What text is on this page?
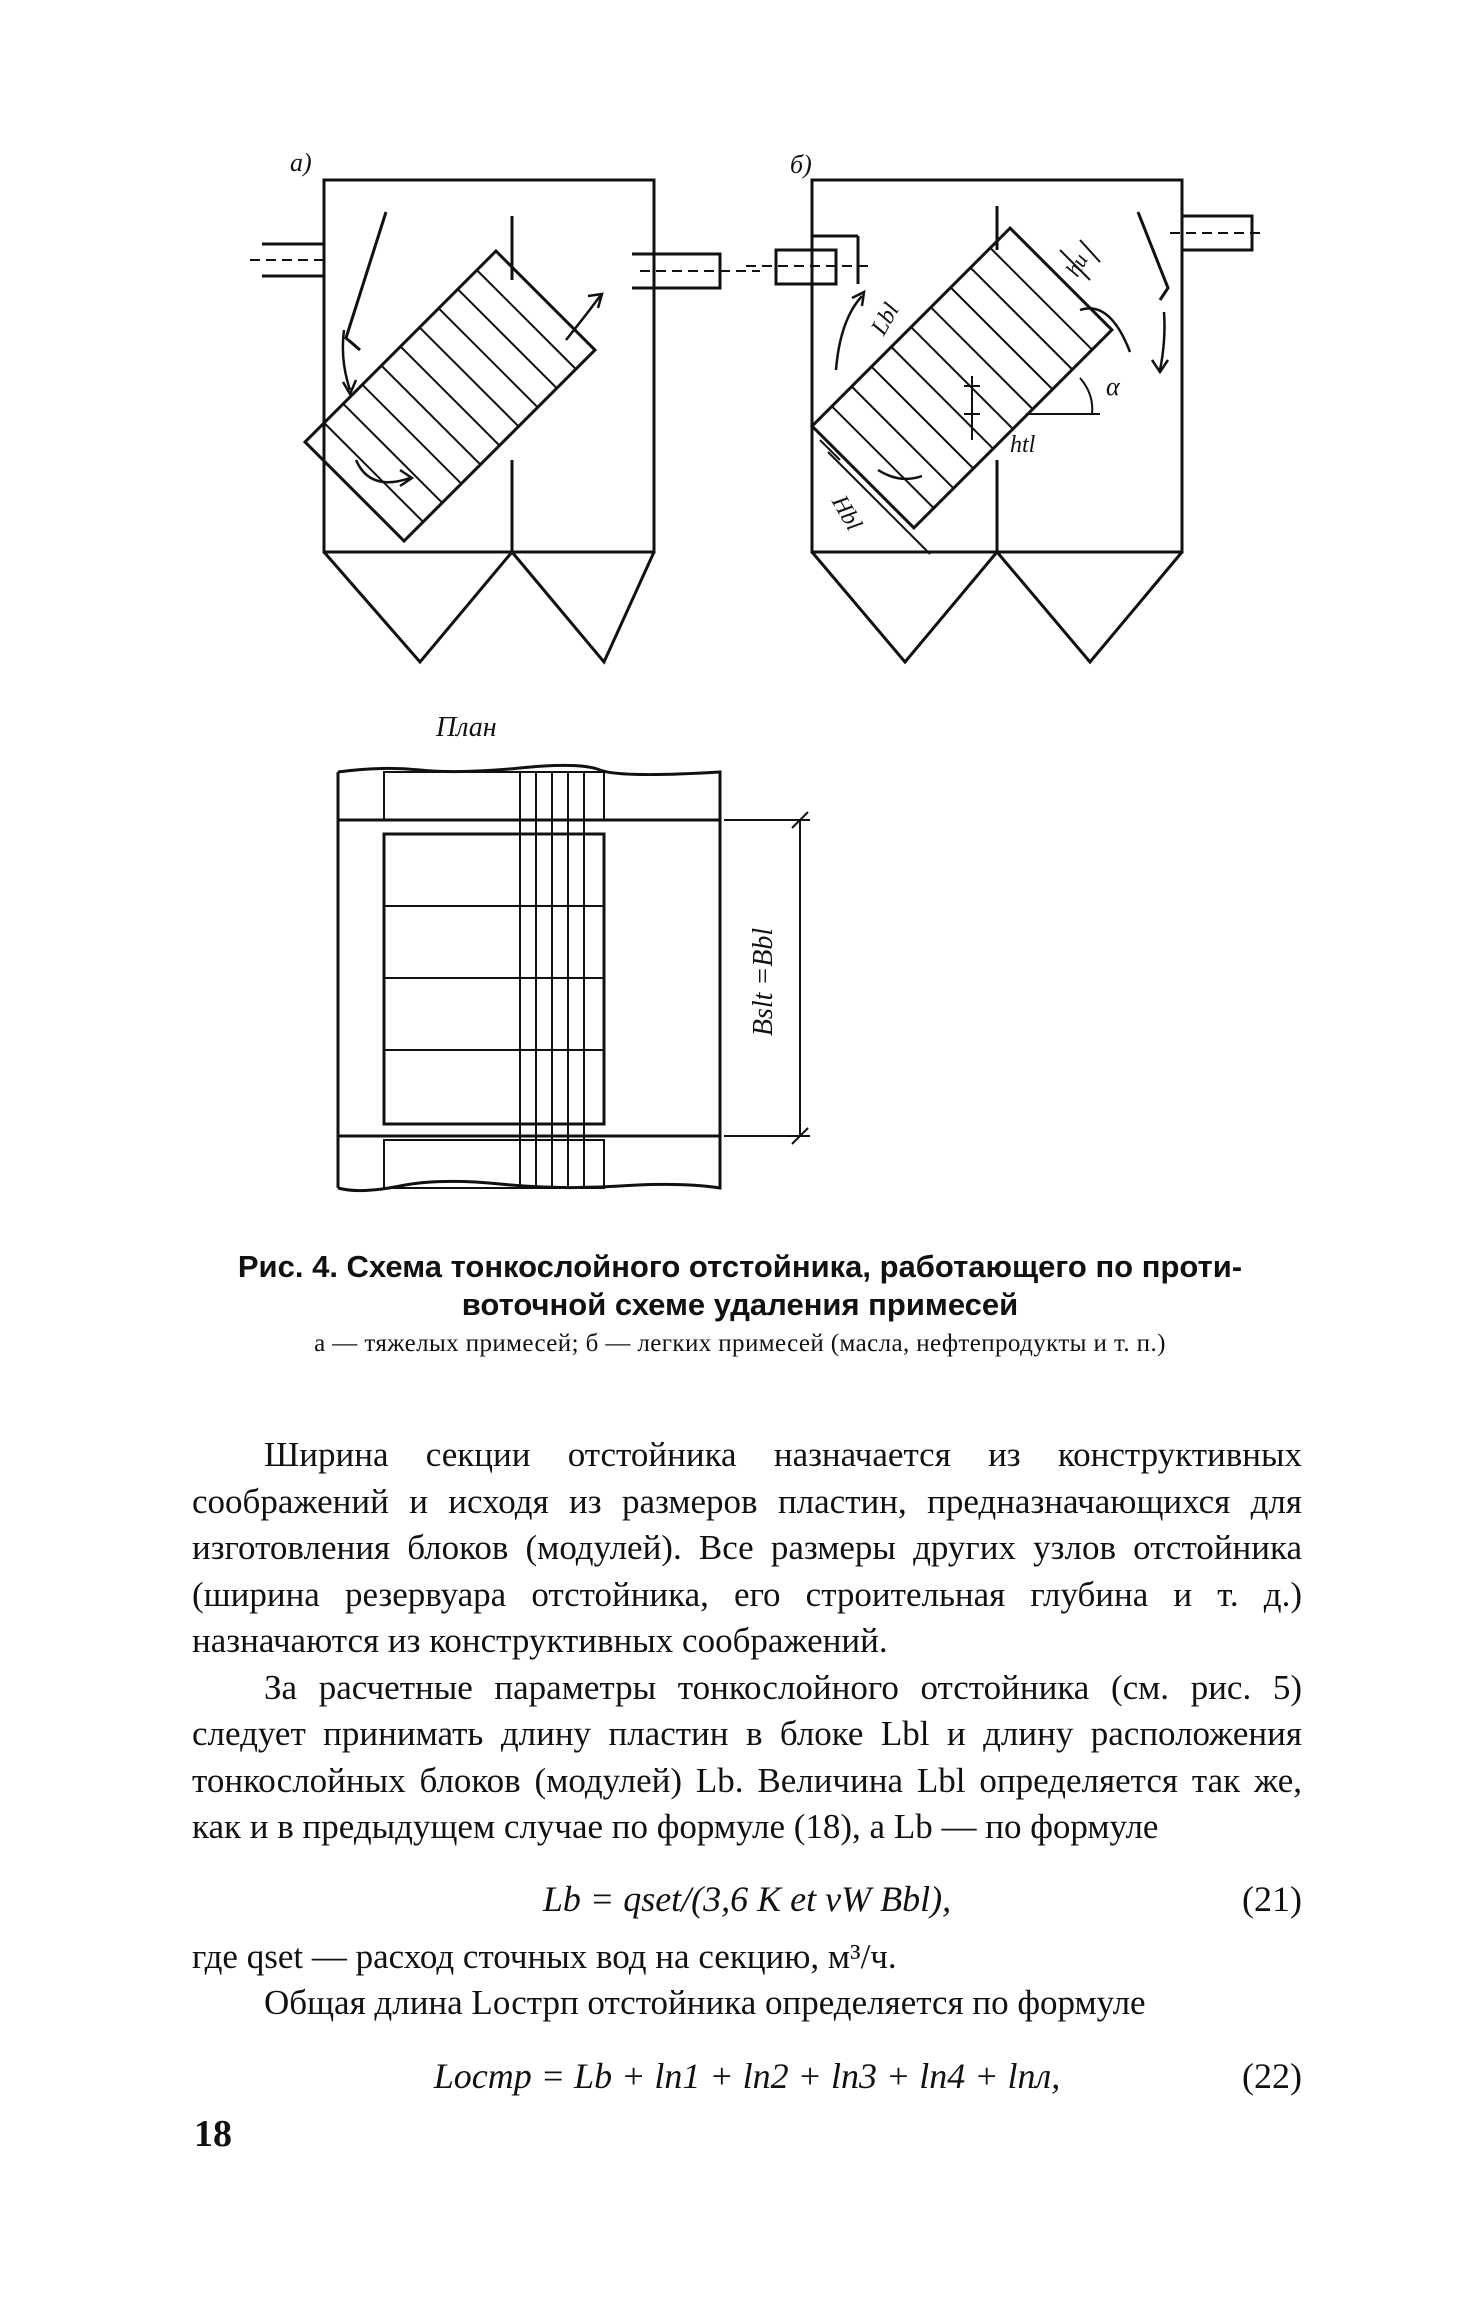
а)	б)
План
Lbl
Hbl
hu
htl
α
Bslt =Bbl

Рис. 4. Схема тонкослойного отстойника, работающего по проти-

воточной схеме удаления примесей

а — тяжелых примесей; б — легких примесей (масла, нефтепродукты и т. п.)

Ширина секции отстойника назначается из конструктивных соображений и исходя из размеров пластин, предназначающихся для изготовления блоков (модулей). Все размеры других узлов отстойника (ширина резервуара отстойника, его строительная глубина и т. д.) назначаются из конструктивных соображений.

За расчетные параметры тонкослойного отстойника (см. рис. 5) следует принимать длину пластин в блоке Lbl и длину расположения тонкослойных блоков (модулей) Lb. Величина Lbl определяется так же, как и в предыдущем случае по формуле (18), а Lb — по формуле

Lb = qset/(3,6 K et vW Bbl),	(21)
где qset — расход сточных вод на секцию, м³/ч.
Общая длина Lострп отстойника определяется по формуле
Lостр = Lb + lп1 + lп2 + lп3 + lп4 + lпл,	(22)
18
